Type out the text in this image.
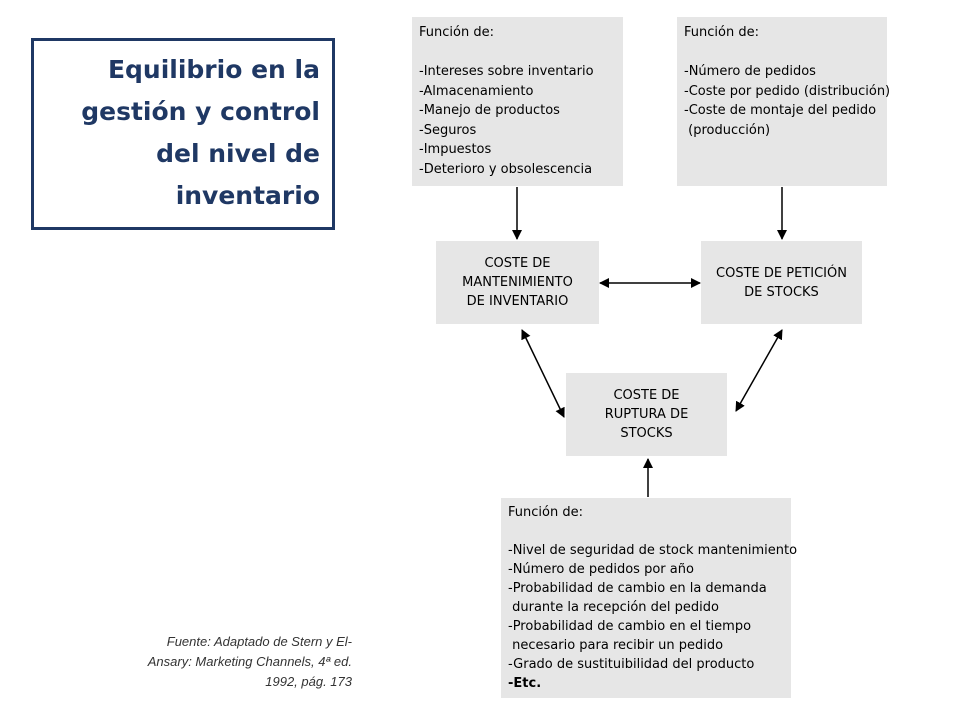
Equilibrio en la
gestión y control
del nivel de
inventario
Función de:
-Intereses sobre inventario
-Almacenamiento
-Manejo de productos
-Seguros
-Impuestos
-Deterioro y obsolescencia
Función de:
-Número de pedidos
-Coste por pedido (distribución)
-Coste de montaje del pedido
(producción)
COSTE DE
MANTENIMIENTO
DE INVENTARIO
COSTE DE PETICIÓN
DE STOCKS
COSTE DE
RUPTURA DE
STOCKS
Función de:
-Nivel de seguridad de stock mantenimiento
-Número de pedidos por año
-Probabilidad de cambio en la demanda
durante la recepción del pedido
-Probabilidad de cambio en el tiempo
necesario para recibir un pedido
-Grado de sustituibilidad del producto
-Etc.
Fuente: Adaptado de Stern y El-
Ansary: Marketing Channels, 4ª ed.
1992, pág. 173
